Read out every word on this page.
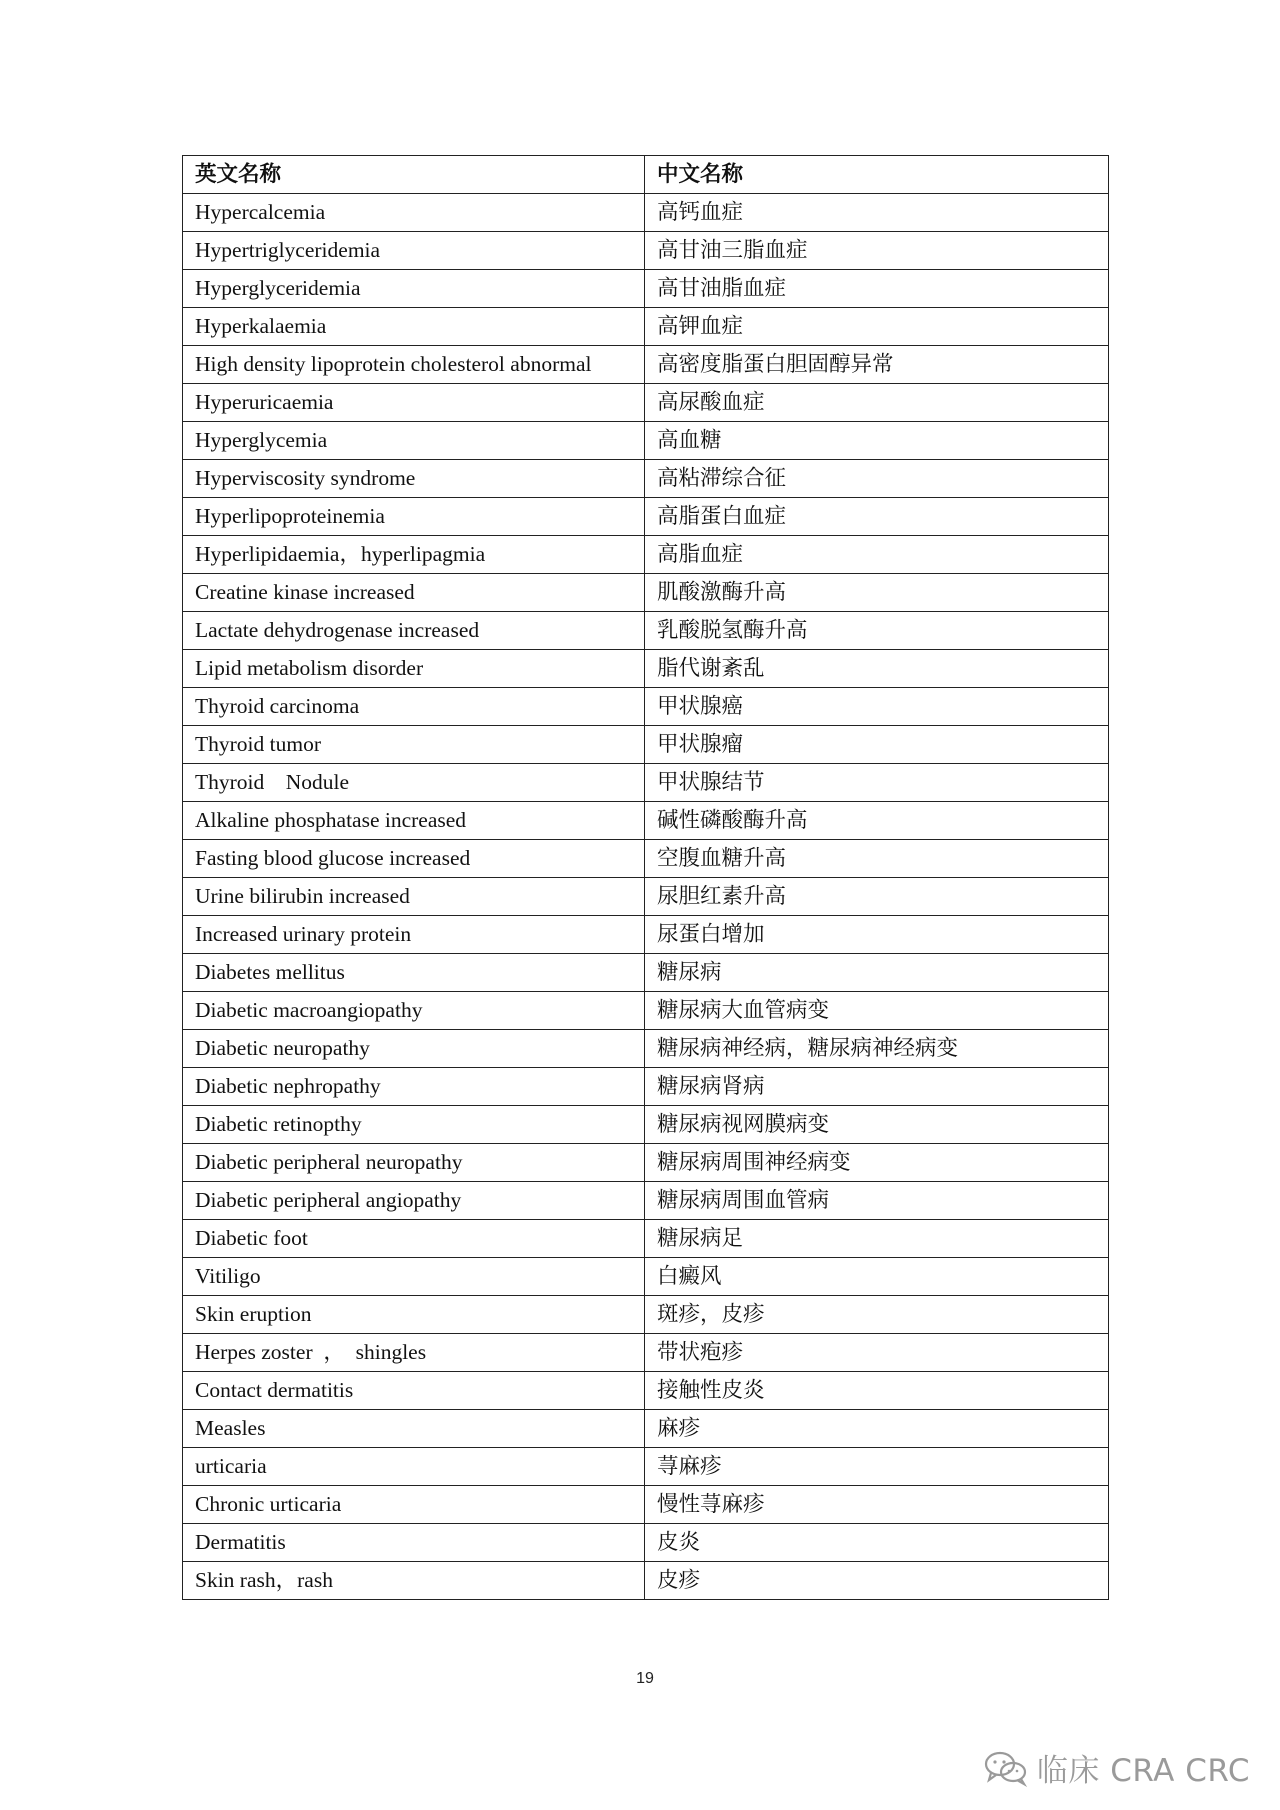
英文名称	中文名称
Hypercalcemia	高钙血症
Hypertriglyceridemia	高甘油三脂血症
Hyperglyceridemia	高甘油脂血症
Hyperkalaemia	高钾血症
High density lipoprotein cholesterol abnormal	高密度脂蛋白胆固醇异常
Hyperuricaemia	高尿酸血症
Hyperglycemia	高血糖
Hyperviscosity syndrome	高粘滞综合征
Hyperlipoproteinemia	高脂蛋白血症
Hyperlipidaemia，hyperlipagmia	高脂血症
Creatine kinase increased	肌酸激酶升高
Lactate dehydrogenase increased	乳酸脱氢酶升高
Lipid metabolism disorder	脂代谢紊乱
Thyroid carcinoma	甲状腺癌
Thyroid tumor	甲状腺瘤
Thyroid    Nodule	甲状腺结节
Alkaline phosphatase increased	碱性磷酸酶升高
Fasting blood glucose increased	空腹血糖升高
Urine bilirubin increased	尿胆红素升高
Increased urinary protein	尿蛋白增加
Diabetes mellitus	糖尿病
Diabetic macroangiopathy	糖尿病大血管病变
Diabetic neuropathy	糖尿病神经病，糖尿病神经病变
Diabetic nephropathy	糖尿病肾病
Diabetic retinopthy	糖尿病视网膜病变
Diabetic peripheral neuropathy	糖尿病周围神经病变
Diabetic peripheral angiopathy	糖尿病周围血管病
Diabetic foot	糖尿病足
Vitiligo	白癜风
Skin eruption	斑疹，皮疹
Herpes zoster  ，  shingles	带状疱疹
Contact dermatitis	接触性皮炎
Measles	麻疹
urticaria	荨麻疹
Chronic urticaria	慢性荨麻疹
Dermatitis	皮炎
Skin rash，rash	皮疹
19
临床 CRA CRC
